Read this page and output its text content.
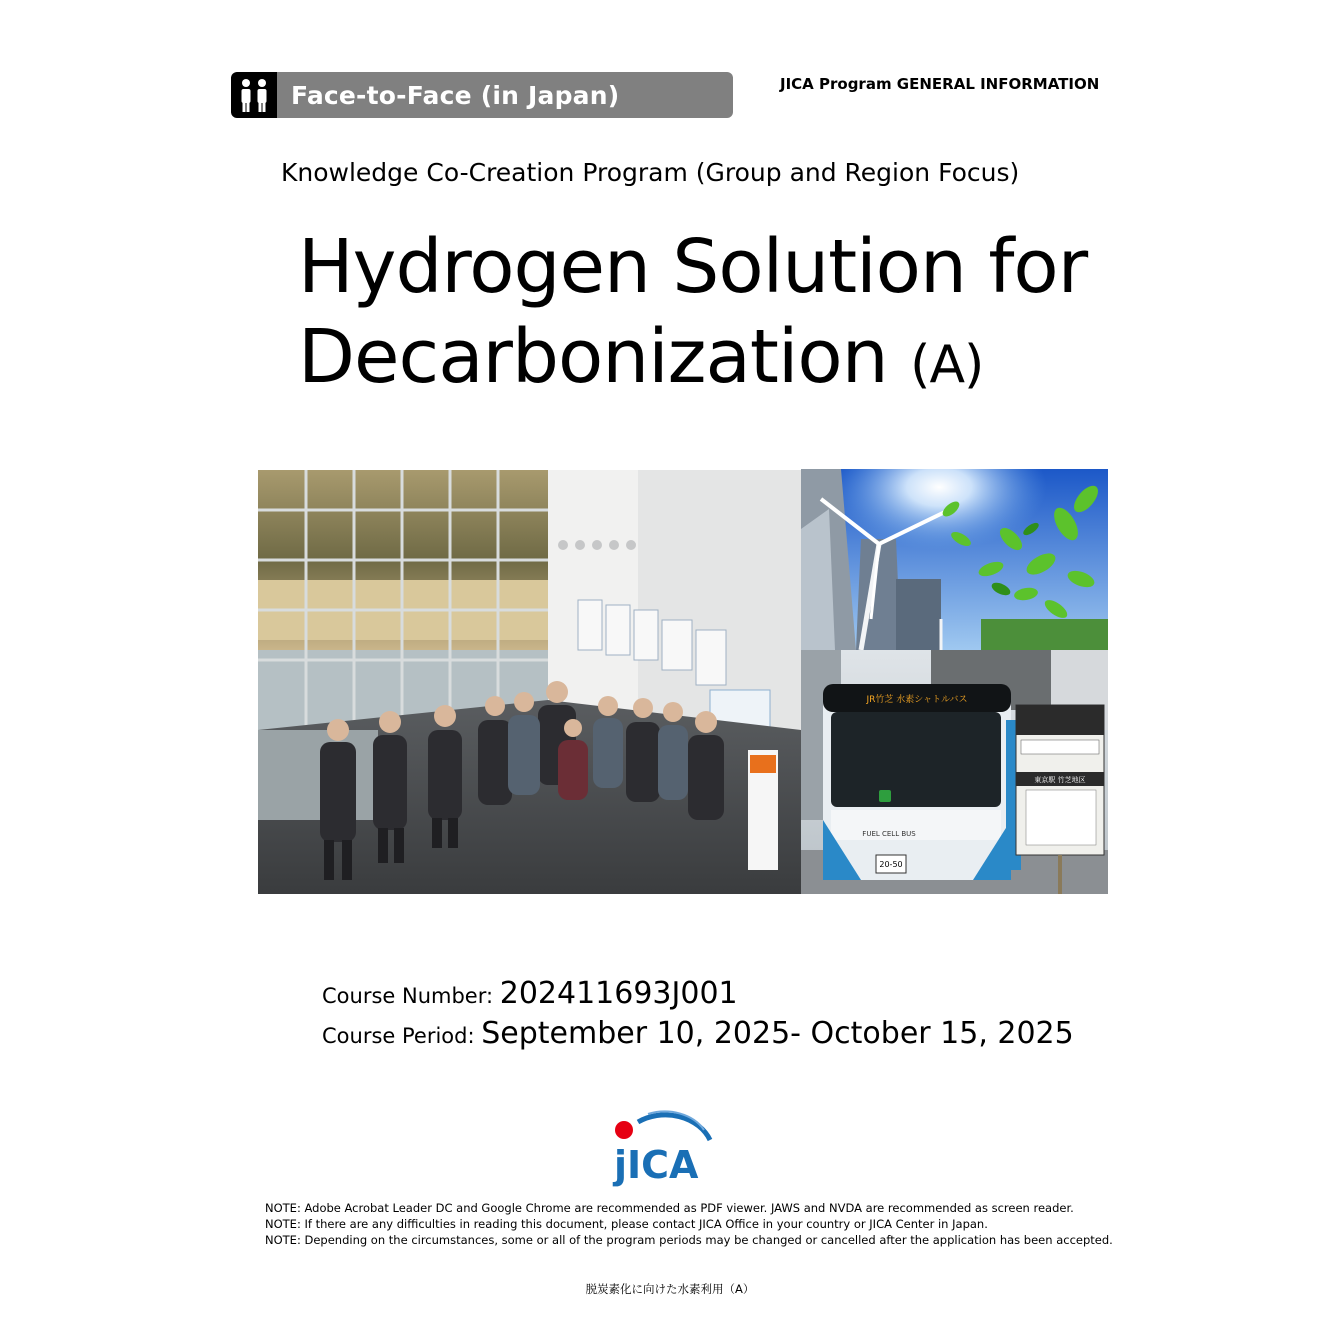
Face-to-Face (in Japan)	JICA Program GENERAL INFORMATION
Knowledge Co-Creation Program (Group and Region Focus)
Hydrogen Solution for
Decarbonization (A)
20-50
JR竹芝 水素シャトルバス
FUEL CELL BUS
東京駅 竹芝地区
Course Number: 202411693J001
Course Period: September 10, 2025- October 15, 2025
jICA
NOTE: Adobe Acrobat Leader DC and Google Chrome are recommended as PDF viewer. JAWS and NVDA are recommended as screen reader.
NOTE: If there are any difficulties in reading this document, please contact JICA Office in your country or JICA Center in Japan.
NOTE: Depending on the circumstances, some or all of the program periods may be changed or cancelled after the application has been accepted.
脱炭素化に向けた水素利用（A）
